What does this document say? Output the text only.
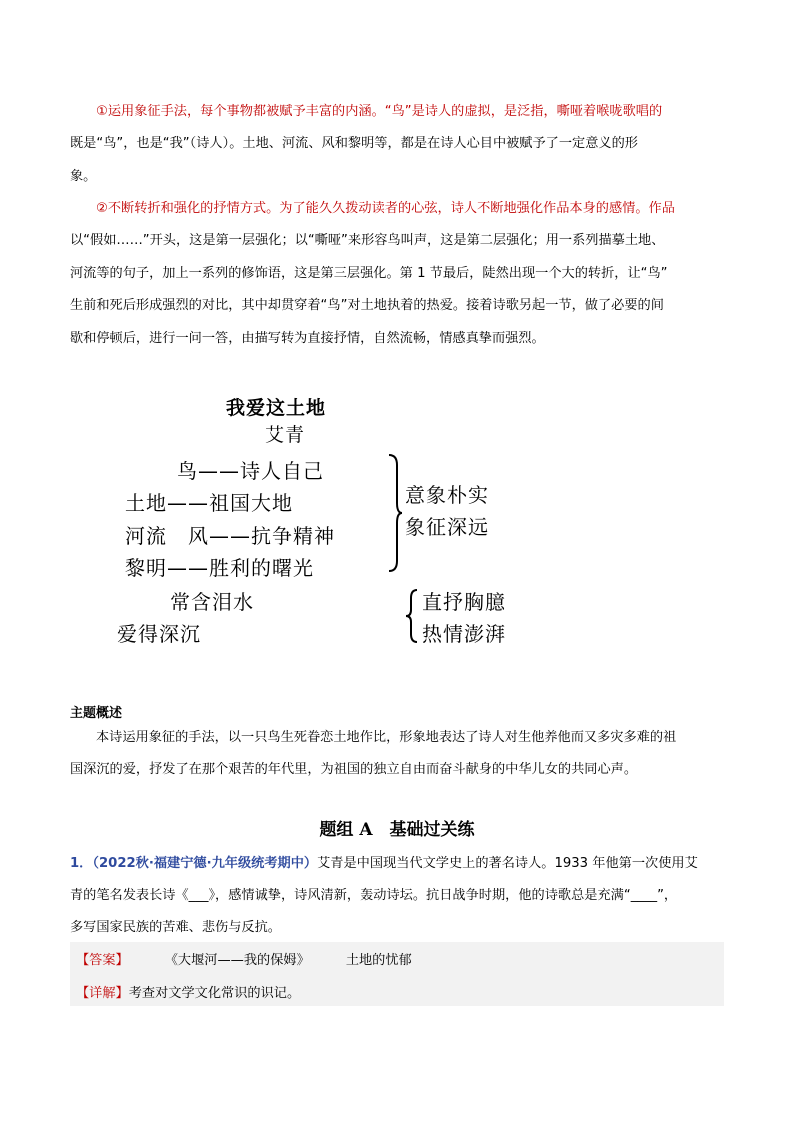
①运用象征手法，每个事物都被赋予丰富的内涵。“鸟”是诗人的虚拟，是泛指，嘶哑着喉咙歌唱的
既是“鸟”，也是“我”（诗人）。土地、河流、风和黎明等，都是在诗人心目中被赋予了一定意义的形
象。
②不断转折和强化的抒情方式。为了能久久拨动读者的心弦，诗人不断地强化作品本身的感情。作品
以“假如……”开头，这是第一层强化；以“嘶哑”来形容鸟叫声，这是第二层强化；用一系列描摹土地、
河流等的句子，加上一系列的修饰语，这是第三层强化。第 1 节最后，陡然出现一个大的转折，让“鸟”
生前和死后形成强烈的对比，其中却贯穿着“鸟”对土地执着的热爱。接着诗歌另起一节，做了必要的间
歇和停顿后，进行一问一答，由描写转为直接抒情，自然流畅，情感真挚而强烈。
我爱这土地
艾青
鸟——诗人自己
土地——祖国大地
河流　风——抗争精神
黎明——胜利的曙光
意象朴实
象征深远
常含泪水
爱得深沉
直抒胸臆
热情澎湃
主题概述
本诗运用象征的手法，以一只鸟生死眷恋土地作比，形象地表达了诗人对生他养他而又多灾多难的祖
国深沉的爱，抒发了在那个艰苦的年代里，为祖国的独立自由而奋斗献身的中华儿女的共同心声。
题组 A　基础过关练
1．（2022秋·福建宁德·九年级统考期中）艾青是中国现当代文学史上的著名诗人。1933 年他第一次使用艾
青的笔名发表长诗《___》，感情诚挚，诗风清新，轰动诗坛。抗日战争时期，他的诗歌总是充满“____”，
多写国家民族的苦难、悲伤与反抗。
【答案】	《大堰河——我的保姆》	土地的忧郁
【详解】考查对文学文化常识的识记。
